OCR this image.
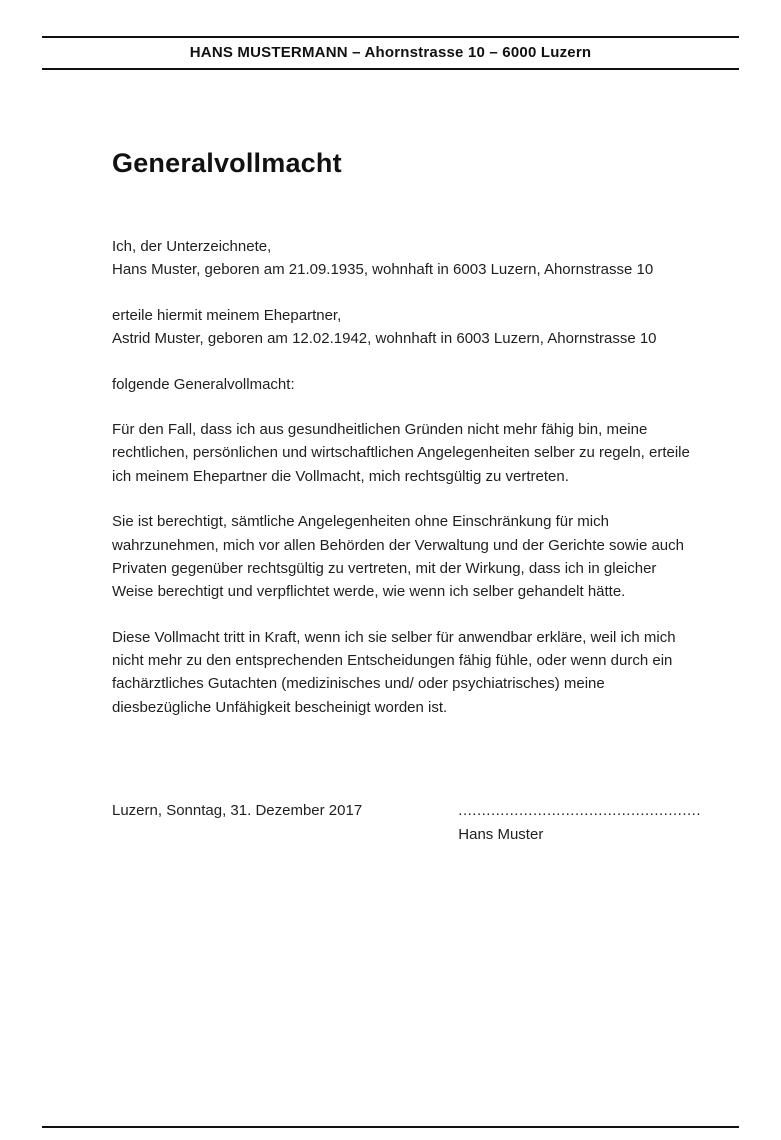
HANS MUSTERMANN – Ahornstrasse 10 – 6000 Luzern
Generalvollmacht

Ich, der Unterzeichnete,
Hans Muster, geboren am 21.09.1935, wohnhaft in 6003 Luzern, Ahornstrasse 10

erteile hiermit meinem Ehepartner,
Astrid Muster, geboren am 12.02.1942, wohnhaft in 6003 Luzern, Ahornstrasse 10

folgende Generalvollmacht:

Für den Fall, dass ich aus gesundheitlichen Gründen nicht mehr fähig bin, meine rechtlichen, persönlichen und wirtschaftlichen Angelegenheiten selber zu regeln, erteile ich meinem Ehepartner die Vollmacht, mich rechtsgültig zu vertreten.

Sie ist berechtigt, sämtliche Angelegenheiten ohne Einschränkung für mich wahrzunehmen, mich vor allen Behörden der Verwaltung und der Gerichte sowie auch Privaten gegenüber rechtsgültig zu vertreten, mit der Wirkung, dass ich in gleicher Weise berechtigt und verpflichtet werde, wie wenn ich selber gehandelt hätte.

Diese Vollmacht tritt in Kraft, wenn ich sie selber für anwendbar erkläre, weil ich mich nicht mehr zu den entsprechenden Entscheidungen fähig fühle, oder wenn durch ein fachärztliches Gutachten (medizinisches und/ oder psychiatrisches) meine diesbezügliche Unfähigkeit bescheinigt worden ist.

Luzern, Sonntag, 31. Dezember 2017	....................................................
Hans Muster
